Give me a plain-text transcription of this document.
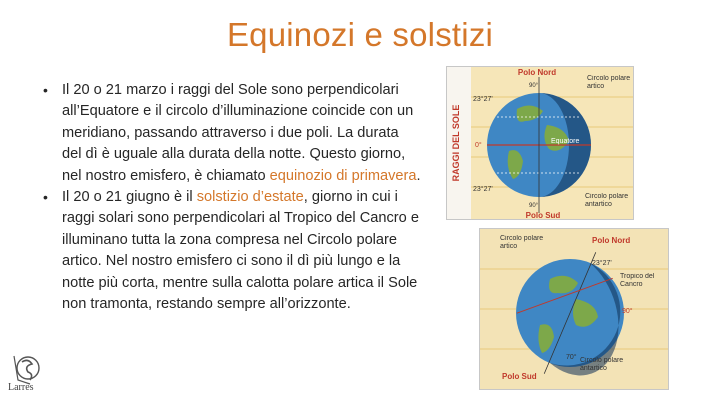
Equinozi e solstizi
• Il 20 o 21 marzo i raggi del Sole sono perpendicolari all’Equatore e il circolo d’illuminazione coincide con un meridiano, passando attraverso i due poli. La durata del dì è uguale alla durata della notte. Questo giorno, nel nostro emisfero, è chiamato equinozio di primavera.
• Il 20 o 21 giugno è il solstizio d’estate, giorno in cui i raggi solari sono perpendicolari al Tropico del Cancro e illuminano tutta la zona compresa nel Circolo polare artico. Nel nostro emisfero ci sono il dì più lungo e la notte più corta, mentre sulla calotta polare artica il Sole non tramonta, restando sempre all’orizzonte.
RAGGI DEL SOLE
Polo Nord
Polo Sud
23°27'
23°27'
0°
90°
90°
Equatore
Circolo polare artico
Circolo polare antartico
Polo Nord
Polo Sud
Circolo polare artico
Tropico del Cancro
Circolo polare antartico
23°27'
90°
70°
Larres
